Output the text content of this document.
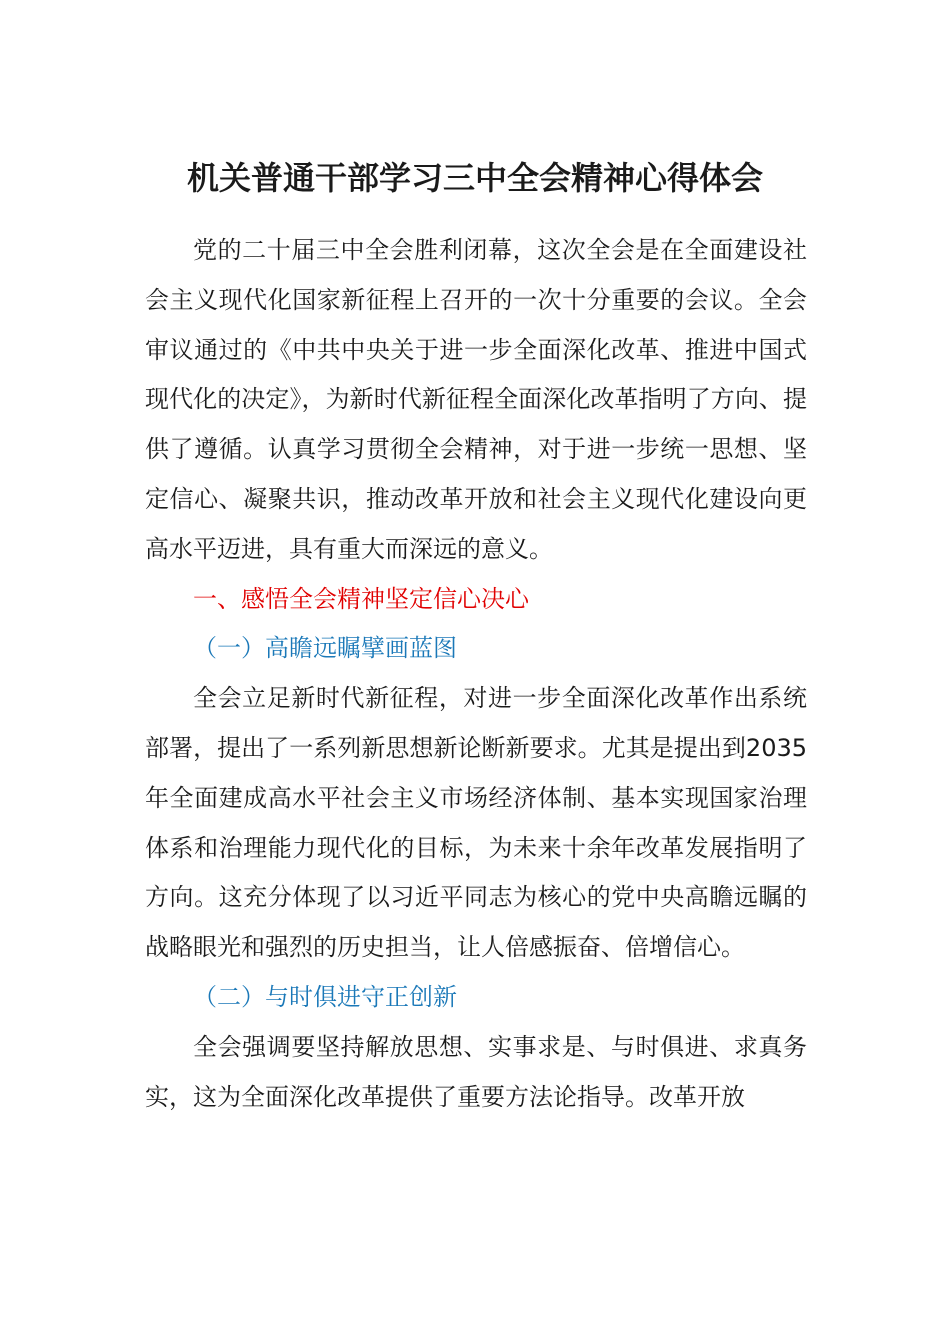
机关普通干部学习三中全会精神心得体会

党的二十届三中全会胜利闭幕，这次全会是在全面建设社会主义现代化国家新征程上召开的一次十分重要的会议。全会审议通过的《中共中央关于进一步全面深化改革、推进中国式现代化的决定》，为新时代新征程全面深化改革指明了方向、提供了遵循。认真学习贯彻全会精神，对于进一步统一思想、坚定信心、凝聚共识，推动改革开放和社会主义现代化建设向更高水平迈进，具有重大而深远的意义。

一、感悟全会精神坚定信心决心

（一）高瞻远瞩擘画蓝图

全会立足新时代新征程，对进一步全面深化改革作出系统部署，提出了一系列新思想新论断新要求。尤其是提出到2035年全面建成高水平社会主义市场经济体制、基本实现国家治理体系和治理能力现代化的目标，为未来十余年改革发展指明了方向。这充分体现了以习近平同志为核心的党中央高瞻远瞩的战略眼光和强烈的历史担当，让人倍感振奋、倍增信心。

（二）与时俱进守正创新

全会强调要坚持解放思想、实事求是、与时俱进、求真务实，这为全面深化改革提供了重要方法论指导。改革开放
